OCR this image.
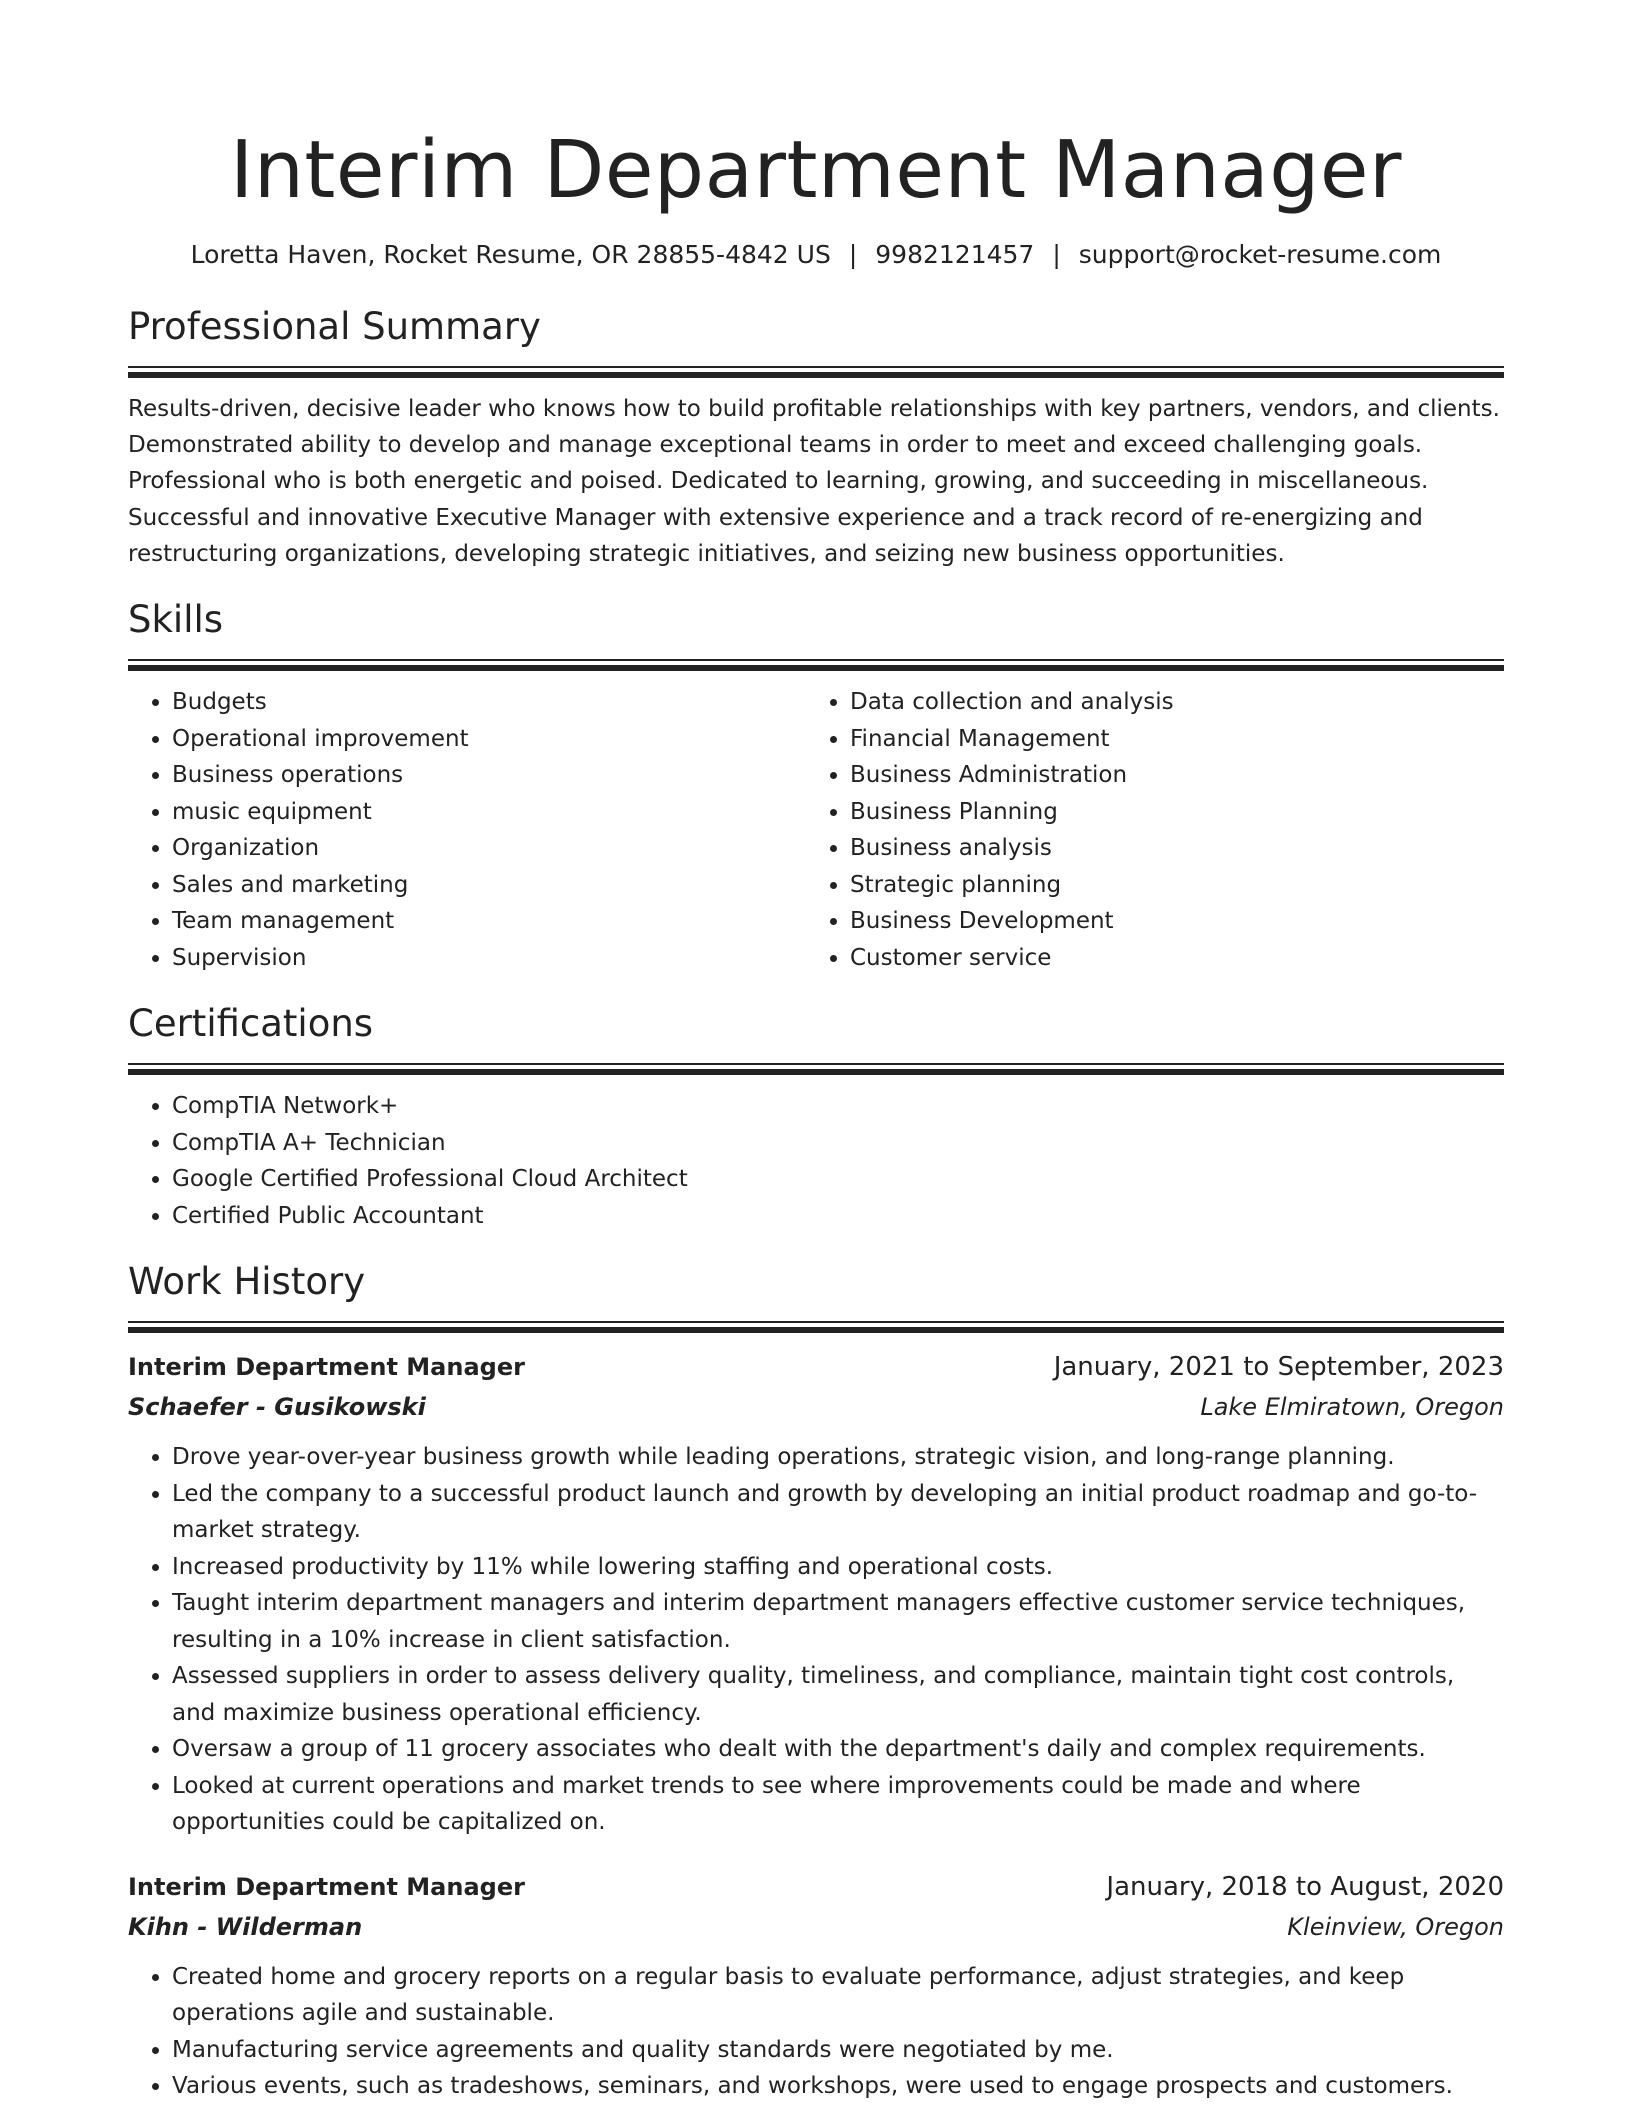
Interim Department Manager
Loretta Haven, Rocket Resume, OR 28855-4842 US | 9982121457 | support@rocket-resume.com
Professional Summary
Results-driven, decisive leader who knows how to build profitable relationships with key partners, vendors, and clients. Demonstrated ability to develop and manage exceptional teams in order to meet and exceed challenging goals. Professional who is both energetic and poised. Dedicated to learning, growing, and succeeding in miscellaneous. Successful and innovative Executive Manager with extensive experience and a track record of re-energizing and restructuring organizations, developing strategic initiatives, and seizing new business opportunities.
Skills
• Budgets
• Operational improvement
• Business operations
• music equipment
• Organization
• Sales and marketing
• Team management
• Supervision
• Data collection and analysis
• Financial Management
• Business Administration
• Business Planning
• Business analysis
• Strategic planning
• Business Development
• Customer service
Certifications
• CompTIA Network+
• CompTIA A+ Technician
• Google Certified Professional Cloud Architect
• Certified Public Accountant
Work History
Interim Department Manager	January, 2021 to September, 2023
Schaefer - Gusikowski	Lake Elmiratown, Oregon
• Drove year-over-year business growth while leading operations, strategic vision, and long-range planning.
• Led the company to a successful product launch and growth by developing an initial product roadmap and go-to-market strategy.
• Increased productivity by 11% while lowering staffing and operational costs.
• Taught interim department managers and interim department managers effective customer service techniques, resulting in a 10% increase in client satisfaction.
• Assessed suppliers in order to assess delivery quality, timeliness, and compliance, maintain tight cost controls, and maximize business operational efficiency.
• Oversaw a group of 11 grocery associates who dealt with the department's daily and complex requirements.
• Looked at current operations and market trends to see where improvements could be made and where opportunities could be capitalized on.
Interim Department Manager	January, 2018 to August, 2020
Kihn - Wilderman	Kleinview, Oregon
• Created home and grocery reports on a regular basis to evaluate performance, adjust strategies, and keep operations agile and sustainable.
• Manufacturing service agreements and quality standards were negotiated by me.
• Various events, such as tradeshows, seminars, and workshops, were used to engage prospects and customers.
